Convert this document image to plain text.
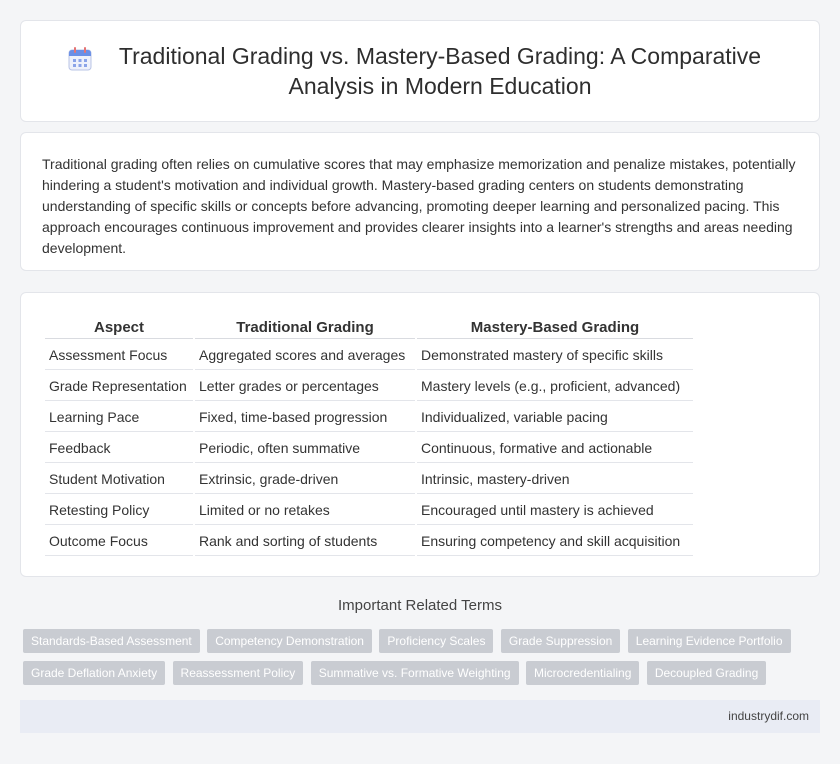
Traditional Grading vs. Mastery-Based Grading: A Comparative Analysis in Modern Education

Traditional grading often relies on cumulative scores that may emphasize memorization and penalize mistakes, potentially hindering a student's motivation and individual growth. Mastery-based grading centers on students demonstrating understanding of specific skills or concepts before advancing, promoting deeper learning and personalized pacing. This approach encourages continuous improvement and provides clearer insights into a learner's strengths and areas needing development.

Aspect	Traditional Grading	Mastery-Based Grading
Assessment Focus	Aggregated scores and averages	Demonstrated mastery of specific skills
Grade Representation	Letter grades or percentages	Mastery levels (e.g., proficient, advanced)
Learning Pace	Fixed, time-based progression	Individualized, variable pacing
Feedback	Periodic, often summative	Continuous, formative and actionable
Student Motivation	Extrinsic, grade-driven	Intrinsic, mastery-driven
Retesting Policy	Limited or no retakes	Encouraged until mastery is achieved
Outcome Focus	Rank and sorting of students	Ensuring competency and skill acquisition
Important Related Terms
Standards-Based Assessment Competency Demonstration Proficiency Scales Grade Suppression Learning Evidence Portfolio Grade Deflation Anxiety Reassessment Policy Summative vs. Formative Weighting Microcredentialing Decoupled Grading
industrydif.com
